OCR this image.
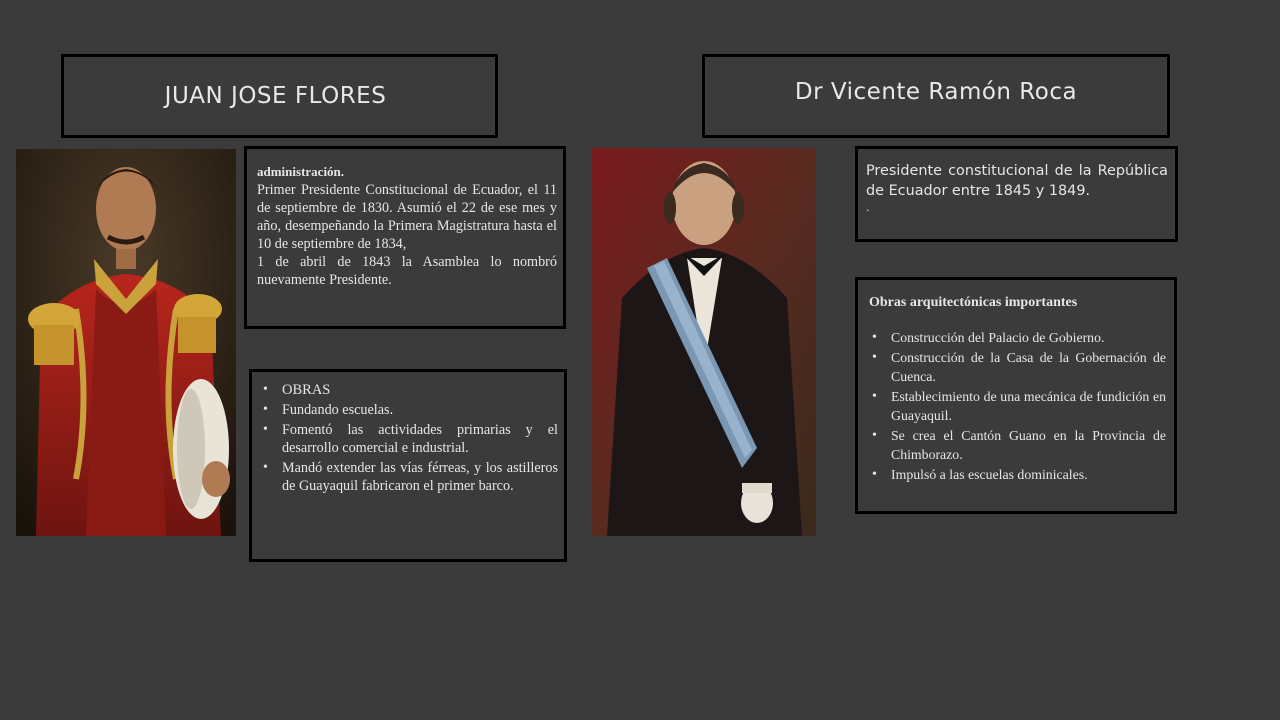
JUAN JOSE FLORES	Dr Vicente Ramón Roca
administración.
Primer Presidente Constitucional de Ecuador, el 11 de septiembre de 1830. Asumió el 22 de ese mes y año, desempeñando la Primera Magistratura hasta el 10 de septiembre de 1834,
1 de abril de 1843 la Asamblea lo nombró nuevamente Presidente.
• OBRAS
• Fundando escuelas.
• Fomentó las actividades primarias y el desarrollo comercial e industrial.
• Mandó extender las vías férreas, y los astilleros de Guayaquil fabricaron el primer barco.
Presidente constitucional de la República de Ecuador entre 1845 y 1849.
.
Obras arquitectónicas importantes
• Construcción del Palacio de Gobierno.
• Construcción de la Casa de la Gobernación de Cuenca.
• Establecimiento de una mecánica de fundición en Guayaquil.
• Se crea el Cantón Guano en la Provincia de Chimborazo.
• Impulsó a las escuelas dominicales.
